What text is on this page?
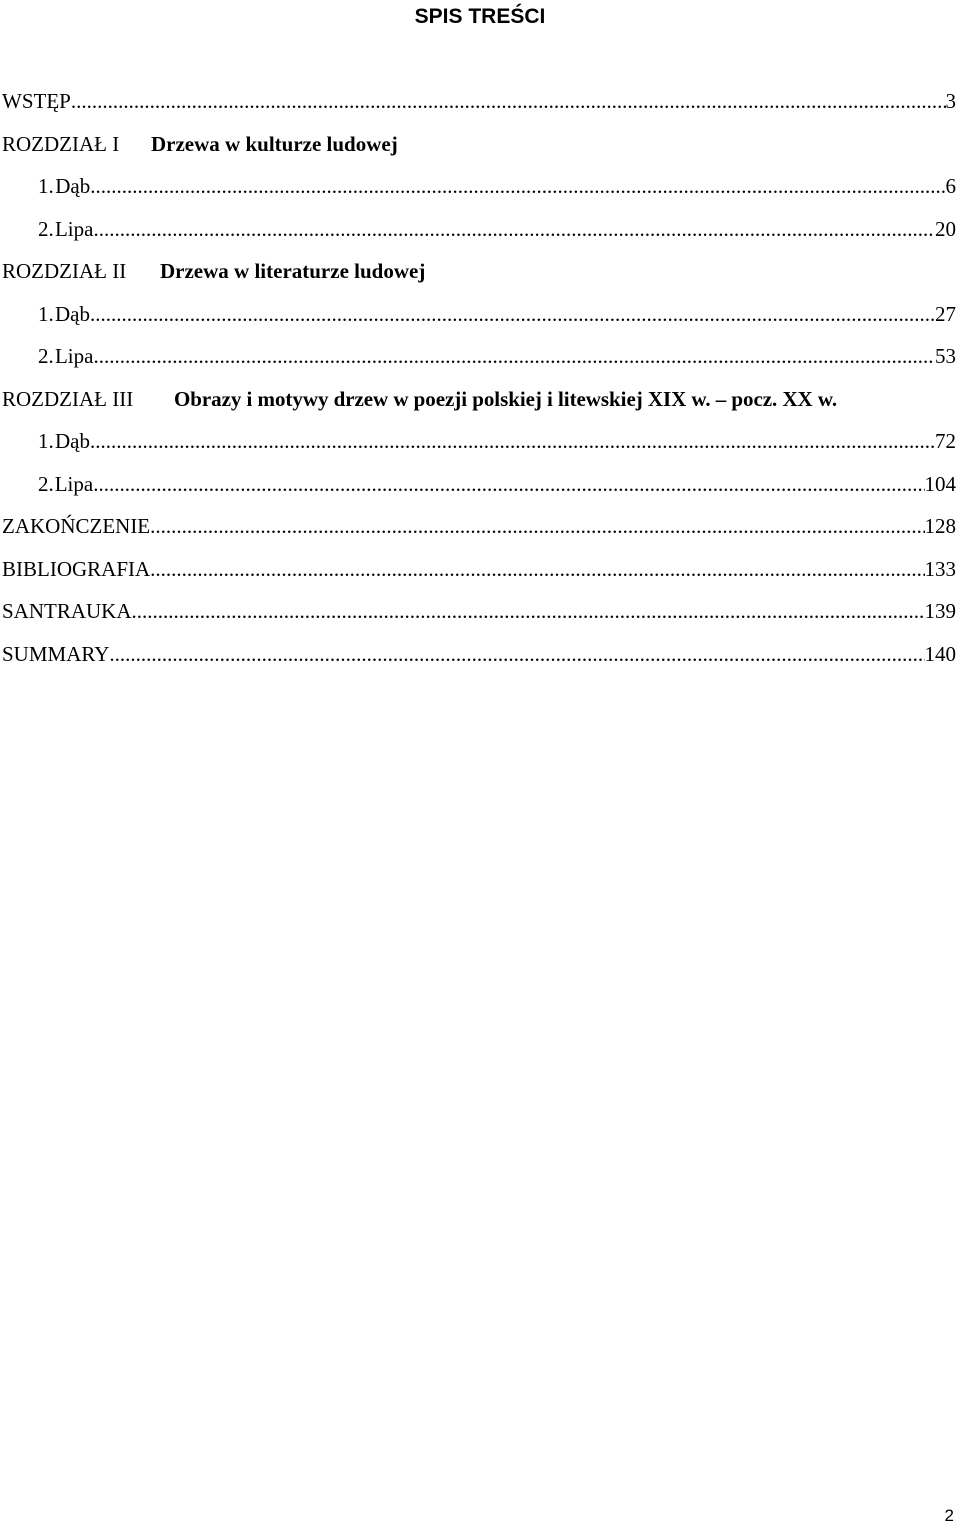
SPIS TREŚCI
WSTĘP .....	3
ROZDZIAŁ I Drzewa w kulturze ludowej
1. Dąb .....	6
2. Lipa .....	20
ROZDZIAŁ II Drzewa w literaturze ludowej
1. Dąb .....	27
2. Lipa .....	53
ROZDZIAŁ III Obrazy i motywy drzew w poezji polskiej i litewskiej XIX w. – pocz. XX w.
1. Dąb .....	72
2. Lipa .....	104
ZAKOŃCZENIE .....	128
BIBLIOGRAFIA .....	133
SANTRAUKA .....	139
SUMMARY .....	140
2
